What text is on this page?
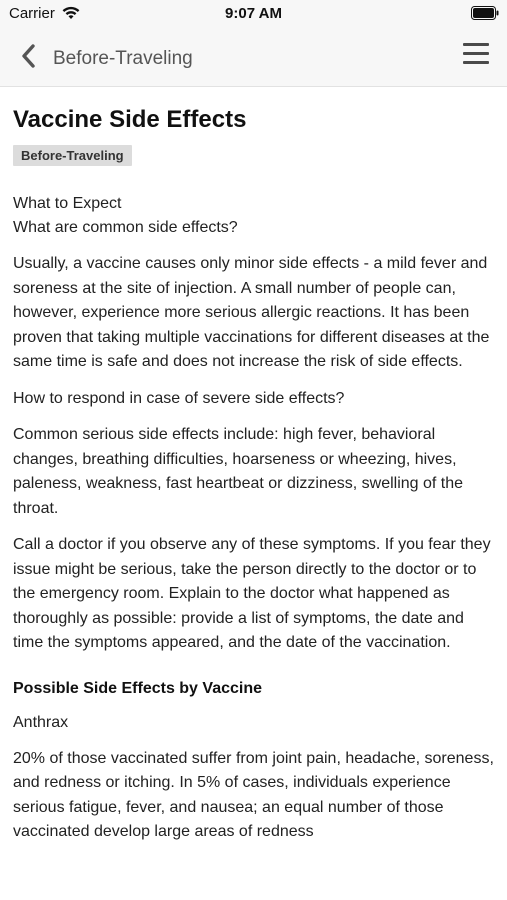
Carrier	9:07 AM
Before-Traveling
Vaccine Side Effects
Before-Traveling
What to Expect
What are common side effects?
Usually, a vaccine causes only minor side effects - a mild fever and soreness at the site of injection. A small number of people can, however, experience more serious allergic reactions. It has been proven that taking multiple vaccinations for different diseases at the same time is safe and does not increase the risk of side effects.
How to respond in case of severe side effects?
Common serious side effects include: high fever, behavioral changes, breathing difficulties, hoarseness or wheezing, hives, paleness, weakness, fast heartbeat or dizziness, swelling of the throat.
Call a doctor if you observe any of these symptoms. If you fear they issue might be serious, take the person directly to the doctor or to the emergency room. Explain to the doctor what happened as thoroughly as possible: provide a list of symptoms, the date and time the symptoms appeared, and the date of the vaccination.
Possible Side Effects by Vaccine
Anthrax
20% of those vaccinated suffer from joint pain, headache, soreness, and redness or itching. In 5% of cases, individuals experience serious fatigue, fever, and nausea; an equal number of those vaccinated develop large areas of redness
